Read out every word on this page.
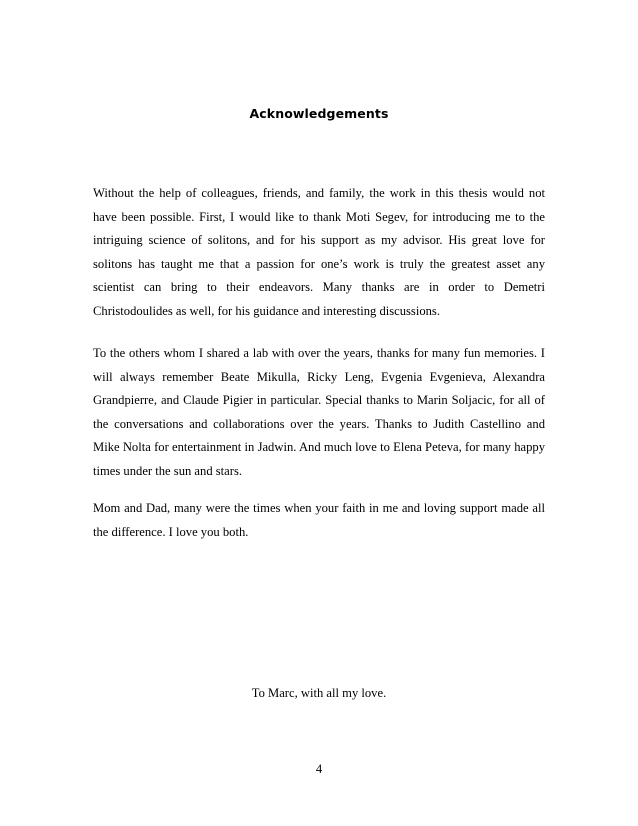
Acknowledgements

Without the help of colleagues, friends, and family, the work in this thesis would not have been possible. First, I would like to thank Moti Segev, for introducing me to the intriguing science of solitons, and for his support as my advisor. His great love for solitons has taught me that a passion for one’s work is truly the greatest asset any scientist can bring to their endeavors. Many thanks are in order to Demetri Christodoulides as well, for his guidance and interesting discussions.

To the others whom I shared a lab with over the years, thanks for many fun memories. I will always remember Beate Mikulla, Ricky Leng, Evgenia Evgenieva, Alexandra Grandpierre, and Claude Pigier in particular. Special thanks to Marin Soljacic, for all of the conversations and collaborations over the years. Thanks to Judith Castellino and Mike Nolta for entertainment in Jadwin. And much love to Elena Peteva, for many happy times under the sun and stars.

Mom and Dad, many were the times when your faith in me and loving support made all the difference. I love you both.

To Marc, with all my love.

4
